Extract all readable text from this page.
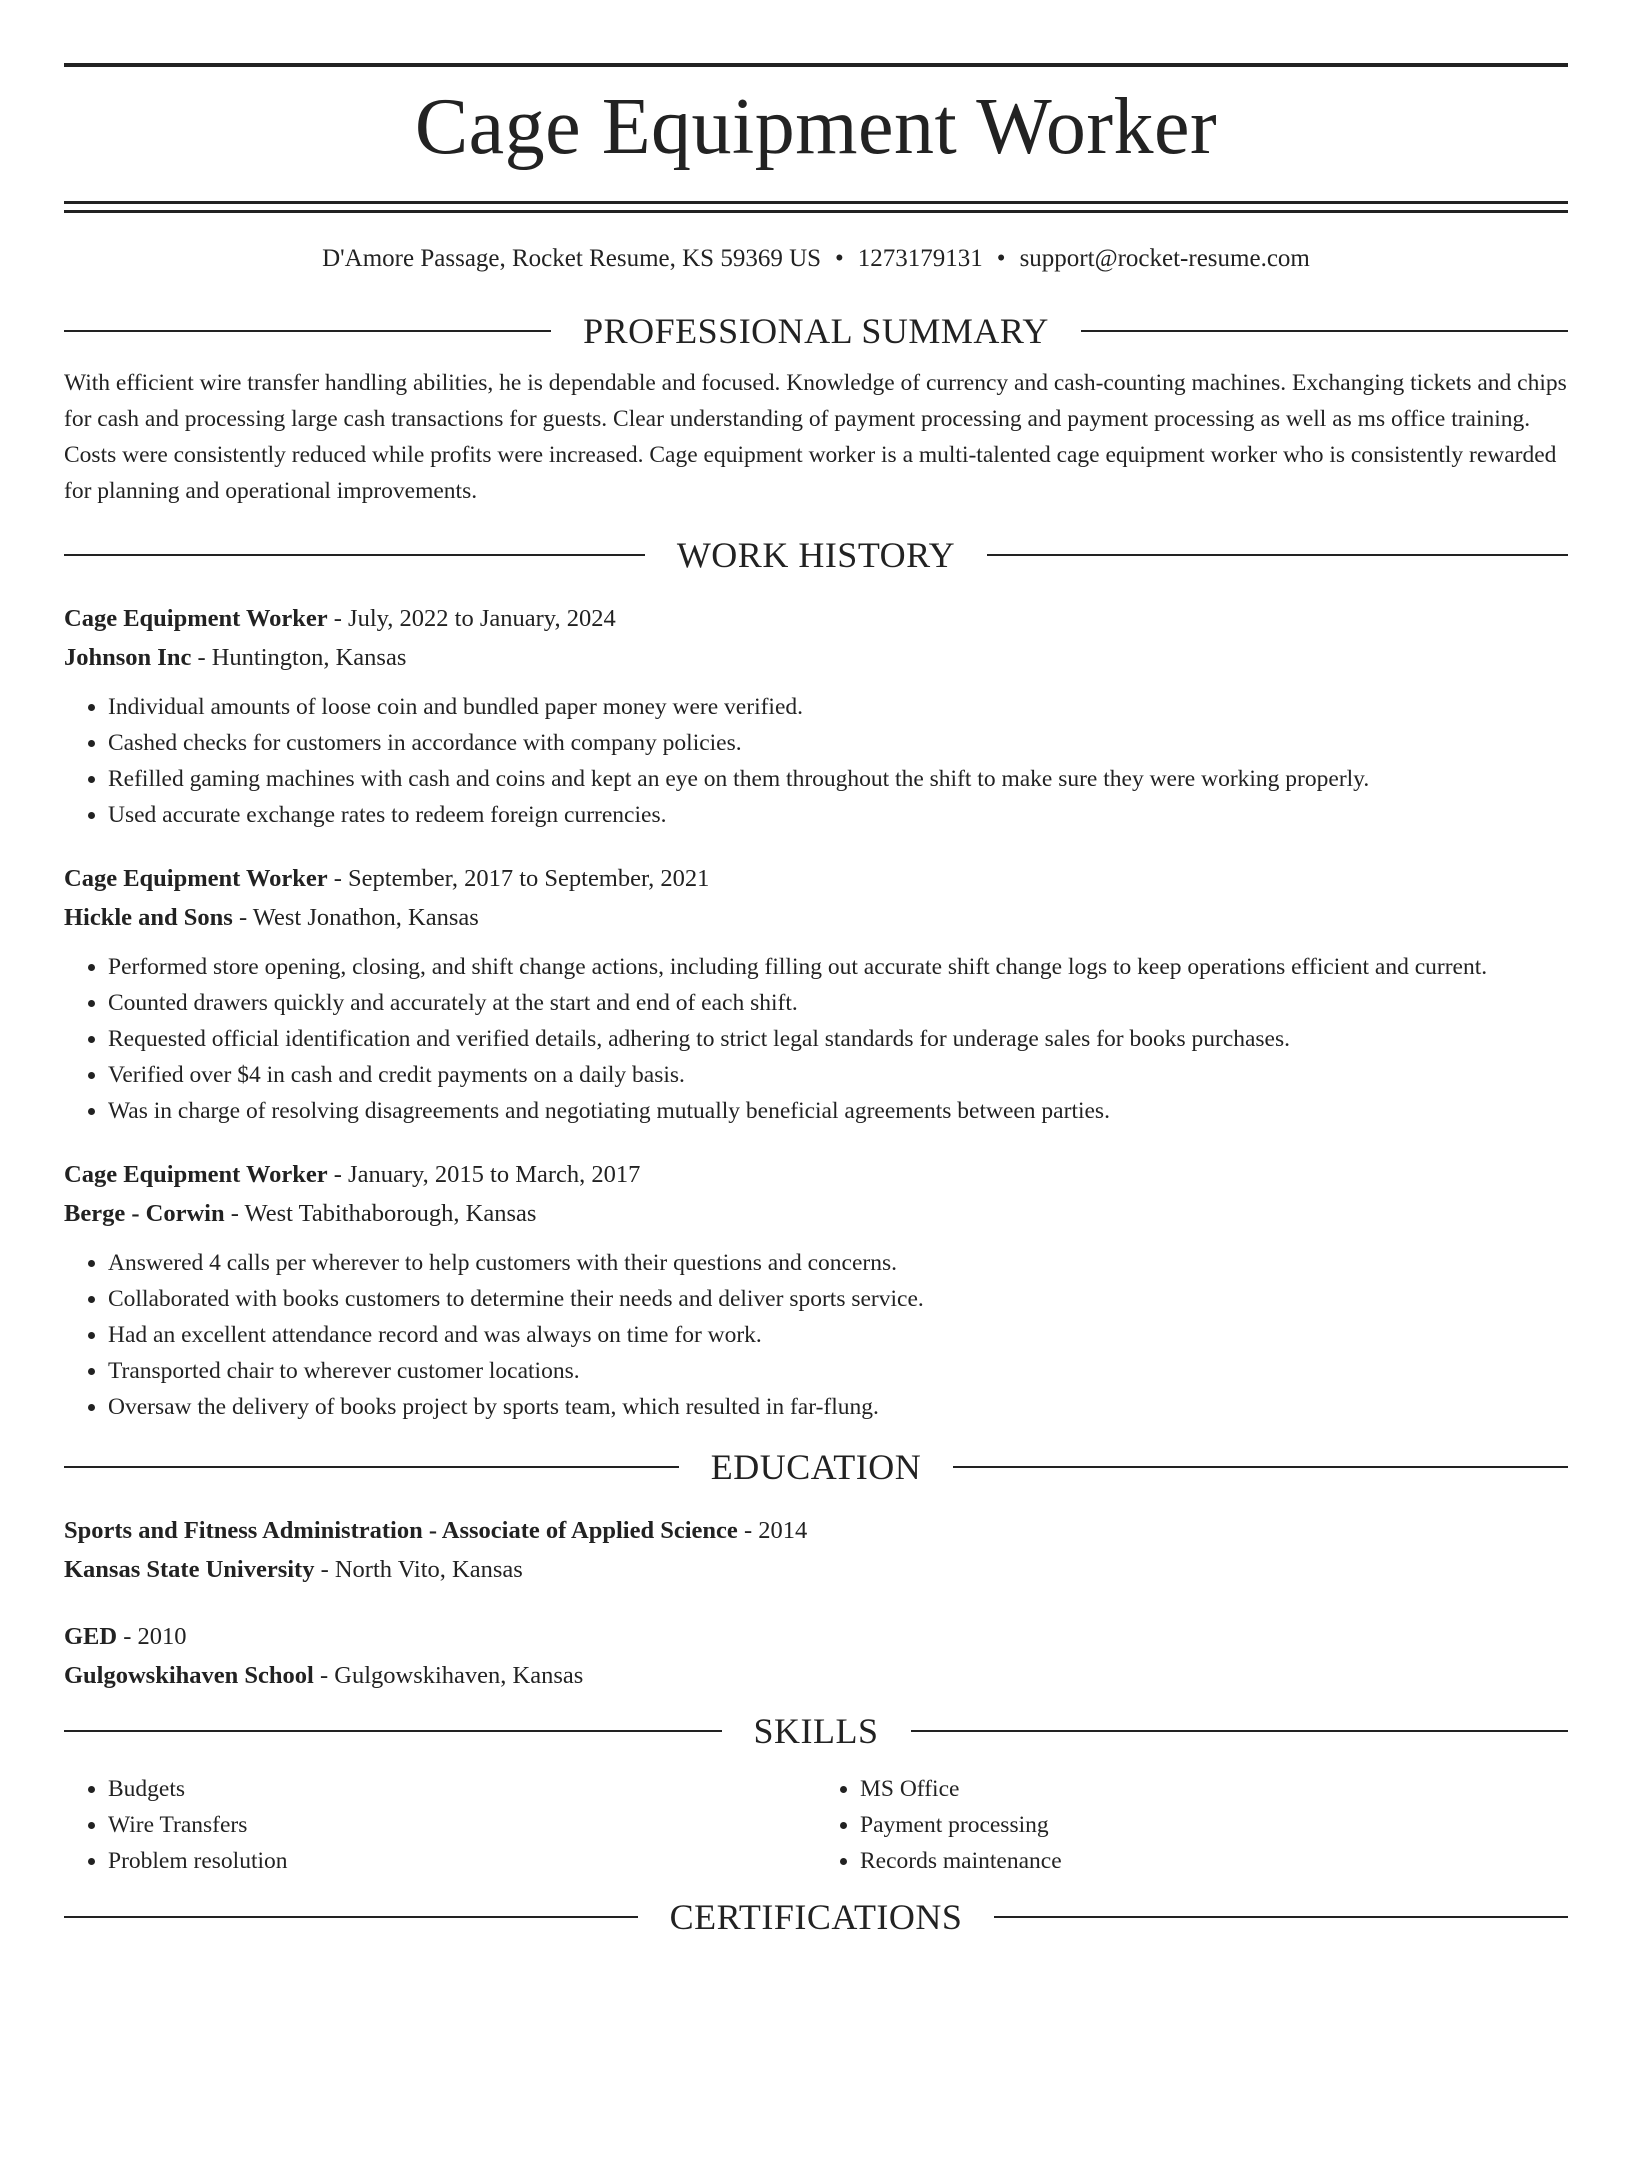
Cage Equipment Worker
D'Amore Passage, Rocket Resume, KS 59369 US • 1273179131 • support@rocket-resume.com
PROFESSIONAL SUMMARY

With efficient wire transfer handling abilities, he is dependable and focused. Knowledge of currency and cash-counting machines. Exchanging tickets and chips for cash and processing large cash transactions for guests. Clear understanding of payment processing and payment processing as well as ms office training. Costs were consistently reduced while profits were increased. Cage equipment worker is a multi-talented cage equipment worker who is consistently rewarded for planning and operational improvements.

WORK HISTORY
Cage Equipment Worker - July, 2022 to January, 2024
Johnson Inc - Huntington, Kansas
• Individual amounts of loose coin and bundled paper money were verified.
• Cashed checks for customers in accordance with company policies.
• Refilled gaming machines with cash and coins and kept an eye on them throughout the shift to make sure they were working properly.
• Used accurate exchange rates to redeem foreign currencies.
Cage Equipment Worker - September, 2017 to September, 2021
Hickle and Sons - West Jonathon, Kansas
• Performed store opening, closing, and shift change actions, including filling out accurate shift change logs to keep operations efficient and current.
• Counted drawers quickly and accurately at the start and end of each shift.
• Requested official identification and verified details, adhering to strict legal standards for underage sales for books purchases.
• Verified over $4 in cash and credit payments on a daily basis.
• Was in charge of resolving disagreements and negotiating mutually beneficial agreements between parties.
Cage Equipment Worker - January, 2015 to March, 2017
Berge - Corwin - West Tabithaborough, Kansas
• Answered 4 calls per wherever to help customers with their questions and concerns.
• Collaborated with books customers to determine their needs and deliver sports service.
• Had an excellent attendance record and was always on time for work.
• Transported chair to wherever customer locations.
• Oversaw the delivery of books project by sports team, which resulted in far-flung.
EDUCATION
Sports and Fitness Administration - Associate of Applied Science - 2014
Kansas State University - North Vito, Kansas
GED - 2010
Gulgowskihaven School - Gulgowskihaven, Kansas
SKILLS
• Budgets
• Wire Transfers
• Problem resolution
• MS Office
• Payment processing
• Records maintenance
CERTIFICATIONS
